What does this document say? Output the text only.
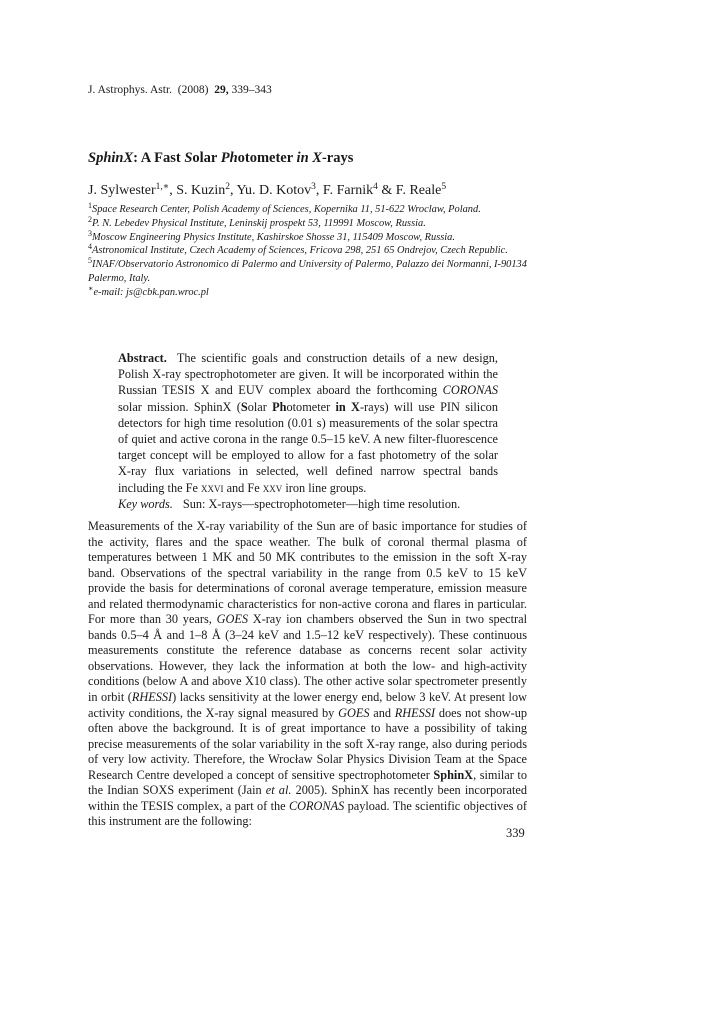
J. Astrophys. Astr. (2008) 29, 339–343
SphinX: A Fast Solar Photometer in X-rays
J. Sylwester$^{1,∗}$, S. Kuzin$^2$, Yu. D. Kotov$^3$, F. Farnik$^4$ & F. Reale$^5$

$^1$Space Research Center, Polish Academy of Sciences, Kopernika 11, 51-622 Wroclaw, Poland.

$^2$P. N. Lebedev Physical Institute, Leninskij prospekt 53, 119991 Moscow, Russia.

$^3$Moscow Engineering Physics Institute, Kashirskoe Shosse 31, 115409 Moscow, Russia.

$^4$Astronomical Institute, Czech Academy of Sciences, Fricova 298, 251 65 Ondrejov, Czech Republic.

$^5$INAF/Observatorio Astronomico di Palermo and University of Palermo, Palazzo dei Normanni, I-90134 Palermo, Italy.

∗e-mail: js@cbk.pan.wroc.pl

Abstract. The scientific goals and construction details of a new design, Polish X-ray spectrophotometer are given. It will be incorporated within the Russian TESIS X and EUV complex aboard the forthcoming CORONAS solar mission. SphinX (Solar Photometer in X-rays) will use PIN silicon detectors for high time resolution (0.01 s) measurements of the solar spectra of quiet and active corona in the range 0.5–15 keV. A new filter-fluorescence target concept will be employed to allow for a fast photometry of the solar X-ray flux variations in selected, well defined narrow spectral bands including the Fe xxvi and Fe xxv iron line groups.
Key words. Sun: X-rays—spectrophotometer—high time resolution.

Measurements of the X-ray variability of the Sun are of basic importance for studies of the activity, flares and the space weather. The bulk of coronal thermal plasma of temperatures between 1 MK and 50 MK contributes to the emission in the soft X-ray band. Observations of the spectral variability in the range from 0.5 keV to 15 keV provide the basis for determinations of coronal average temperature, emission measure and related thermodynamic characteristics for non-active corona and flares in particular. For more than 30 years, GOES X-ray ion chambers observed the Sun in two spectral bands 0.5–4 Å and 1–8 Å (3–24 keV and 1.5–12 keV respectively). These continuous measurements constitute the reference database as concerns recent solar activity observations. However, they lack the information at both the low- and high-activity conditions (below A and above X10 class). The other active solar spectrometer presently in orbit (RHESSI) lacks sensitivity at the lower energy end, below 3 keV. At present low activity conditions, the X-ray signal measured by GOES and RHESSI does not show-up often above the background. It is of great importance to have a possibility of taking precise measurements of the solar variability in the soft X-ray range, also during periods of very low activity. Therefore, the Wrocław Solar Physics Division Team at the Space Research Centre developed a concept of sensitive spectrophotometer SphinX, similar to the Indian SOXS experiment (Jain et al. 2005). SphinX has recently been incorporated within the TESIS complex, a part of the CORONAS payload. The scientific objectives of this instrument are the following:

339
